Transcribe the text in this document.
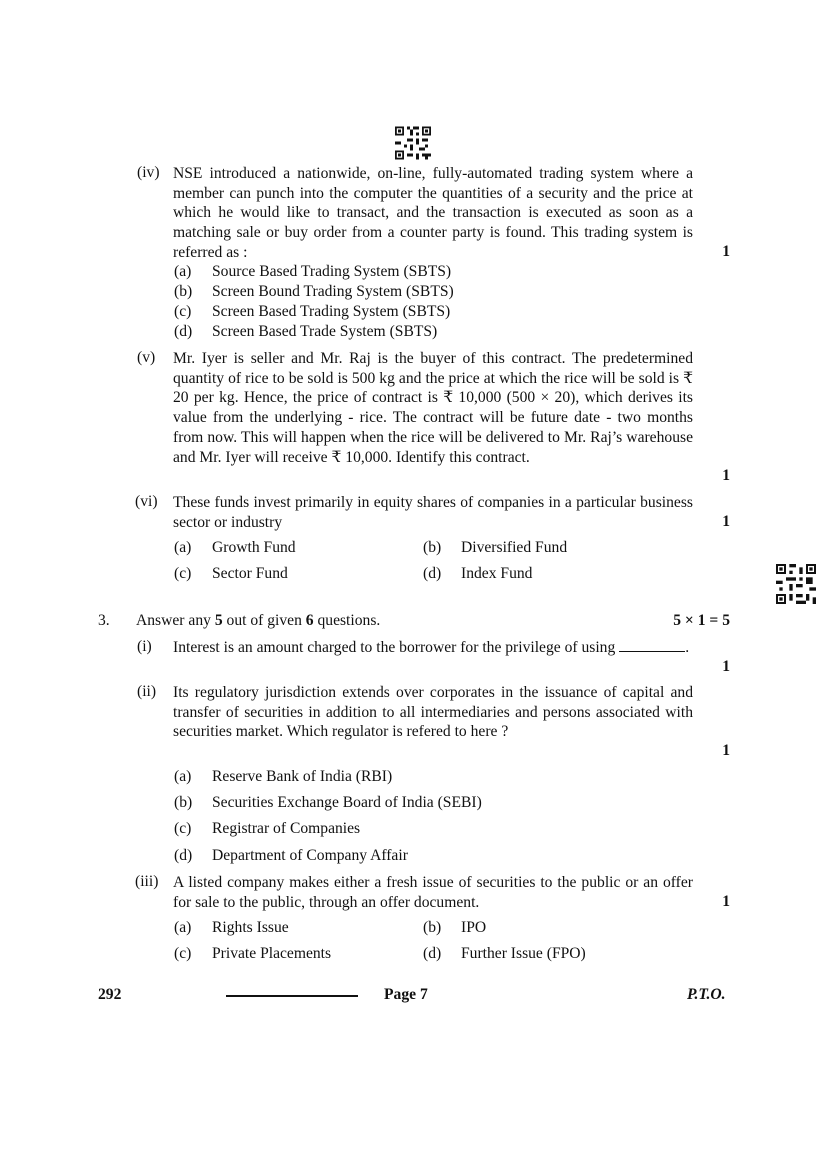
(iv) NSE introduced a nationwide, on-line, fully-automated trading system where a member can punch into the computer the quantities of a security and the price at which he would like to transact, and the transaction is executed as soon as a matching sale or buy order from a counter party is found. This trading system is referred as :	1
(a) Source Based Trading System (SBTS)
(b) Screen Bound Trading System (SBTS)
(c) Screen Based Trading System (SBTS)
(d) Screen Based Trade System (SBTS)
(v) Mr. Iyer is seller and Mr. Raj is the buyer of this contract. The predetermined quantity of rice to be sold is 500 kg and the price at which the rice will be sold is ₹ 20 per kg. Hence, the price of contract is ₹ 10,000 (500 × 20), which derives its value from the underlying - rice. The contract will be future date - two months from now. This will happen when the rice will be delivered to Mr. Raj’s warehouse and Mr. Iyer will receive ₹ 10,000. Identify this contract.
1
(vi) These funds invest primarily in equity shares of companies in a particular business sector or industry	1
(a) Growth Fund	(b) Diversified Fund
(c) Sector Fund	(d) Index Fund
3. Answer any 5 out of given 6 questions.	5 × 1 = 5
(i) Interest is an amount charged to the borrower for the privilege of using	.
1
(ii) Its regulatory jurisdiction extends over corporates in the issuance of capital and transfer of securities in addition to all intermediaries and persons associated with securities market. Which regulator is refered to here ?
1
(a) Reserve Bank of India (RBI)
(b) Securities Exchange Board of India (SEBI)
(c) Registrar of Companies
(d) Department of Company Affair
(iii) A listed company makes either a fresh issue of securities to the public or an offer for sale to the public, through an offer document.	1
(a) Rights Issue	(b) IPO
(c) Private Placements	(d) Further Issue (FPO)
292	Page 7	P.T.O.
